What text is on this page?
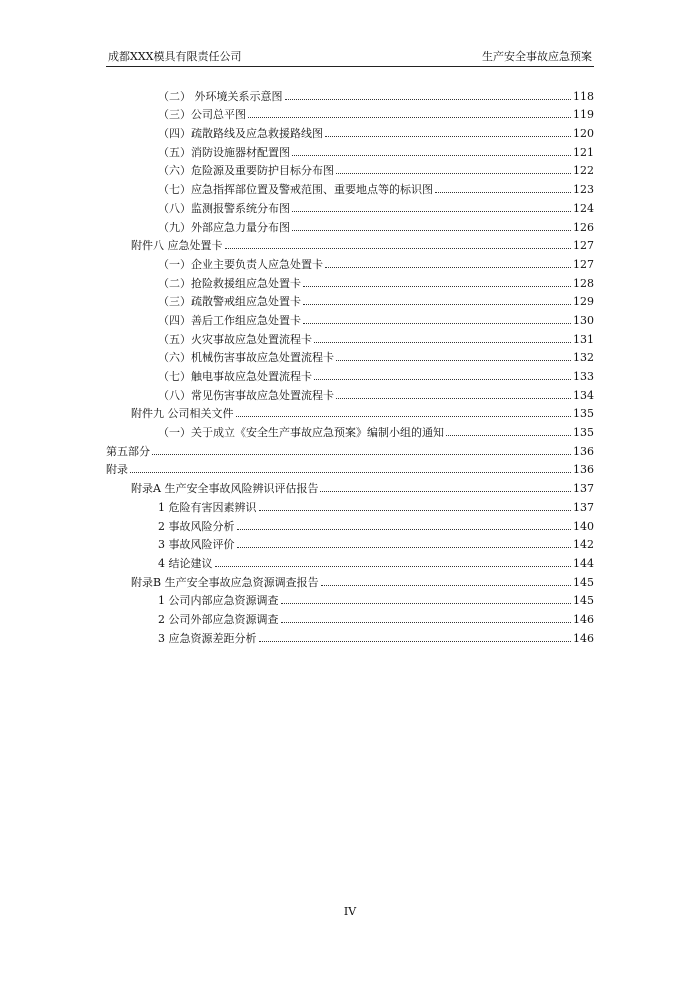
成都XXX模具有限责任公司	生产安全事故应急预案
（二） 外环境关系示意图	118
（三）公司总平图	119
（四）疏散路线及应急救援路线图	120
（五）消防设施器材配置图	121
（六）危险源及重要防护目标分布图	122
（七）应急指挥部位置及警戒范围、重要地点等的标识图	123
（八）监测报警系统分布图	124
（九）外部应急力量分布图	126
附件八 应急处置卡	127
（一）企业主要负责人应急处置卡	127
（二）抢险救援组应急处置卡	128
（三）疏散警戒组应急处置卡	129
（四）善后工作组应急处置卡	130
（五）火灾事故应急处置流程卡	131
（六）机械伤害事故应急处置流程卡	132
（七）触电事故应急处置流程卡	133
（八）常见伤害事故应急处置流程卡	134
附件九 公司相关文件	135
（一）关于成立《安全生产事故应急预案》编制小组的通知	135
第五部分	136
附录	136
附录A 生产安全事故风险辨识评估报告	137
1 危险有害因素辨识	137
2 事故风险分析	140
3 事故风险评价	142
4 结论建议	144
附录B 生产安全事故应急资源调查报告	145
1 公司内部应急资源调查	145
2 公司外部应急资源调查	146
3 应急资源差距分析	146
IV
